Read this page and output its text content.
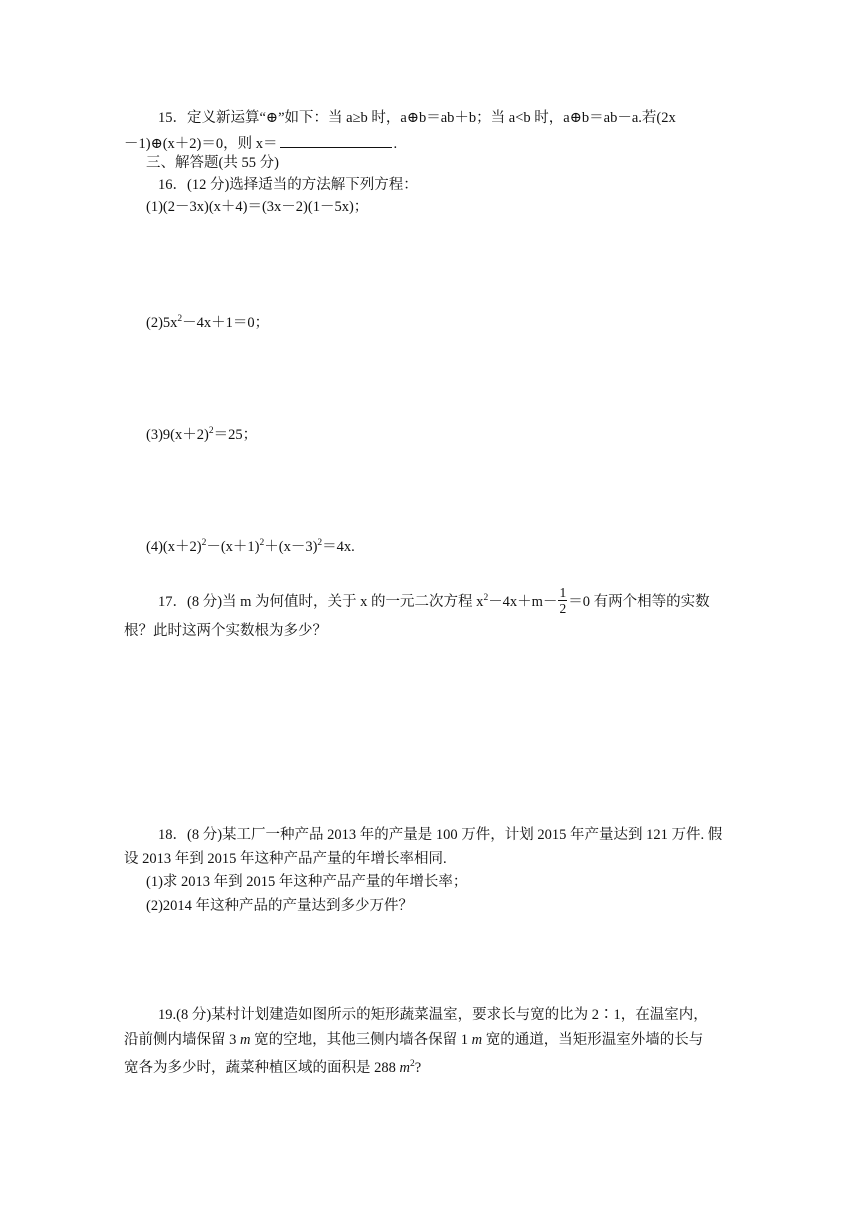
15．定义新运算“⊕”如下：当 a≥b 时，a⊕b＝ab＋b；当 a<b 时，a⊕b＝ab－a.若(2x
－1)⊕(x＋2)＝0，则 x＝	.
三、解答题(共 55 分)
16．(12 分)选择适当的方法解下列方程：
(1)(2－3x)(x＋4)＝(3x－2)(1－5x)；
$(2)5x^2-4x+1=0$；
$(3)9(x+2)^2=25$；
$(4)(x+2)^2-(x+1)^2+(x-3)^2=4x$.
17．(8 分)当 m 为何值时，关于 x 的一元二次方程 $x^2-4x+m- \frac{1}{2} =0$ 有两个相等的实数
根？此时这两个实数根为多少？
18．(8 分)某工厂一种产品 2013 年的产量是 100 万件，计划 2015 年产量达到 121 万件. 假
设 2013 年到 2015 年这种产品产量的年增长率相同.
(1)求 2013 年到 2015 年这种产品产量的年增长率；
(2)2014 年这种产品的产量达到多少万件？
19.(8 分)某村计划建造如图所示的矩形蔬菜温室，要求长与宽的比为 2∶1，在温室内，
沿前侧内墙保留 3 m 宽的空地，其他三侧内墙各保留 1 m 宽的通道，当矩形温室外墙的长与
宽各为多少时，蔬菜种植区域的面积是 288 $m^2$?
